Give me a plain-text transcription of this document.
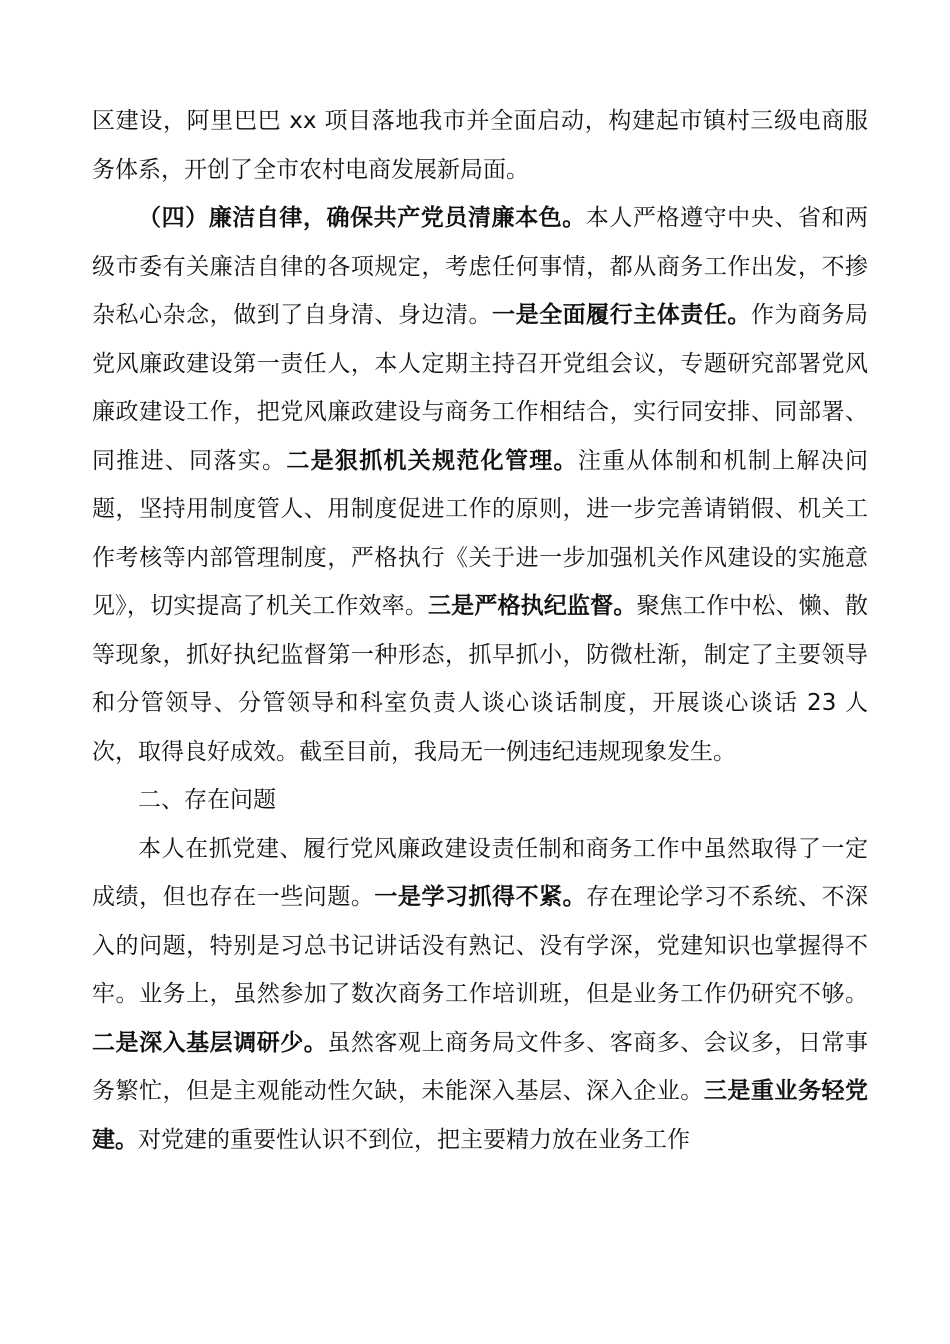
区建设，阿里巴巴 xx 项目落地我市并全面启动，构建起市镇村三级电商服务体系，开创了全市农村电商发展新局面。

（四）廉洁自律，确保共产党员清廉本色。本人严格遵守中央、省和两级市委有关廉洁自律的各项规定，考虑任何事情，都从商务工作出发，不掺杂私心杂念，做到了自身清、身边清。一是全面履行主体责任。作为商务局党风廉政建设第一责任人，本人定期主持召开党组会议，专题研究部署党风廉政建设工作，把党风廉政建设与商务工作相结合，实行同安排、同部署、同推进、同落实。二是狠抓机关规范化管理。注重从体制和机制上解决问题，坚持用制度管人、用制度促进工作的原则，进一步完善请销假、机关工作考核等内部管理制度，严格执行《关于进一步加强机关作风建设的实施意见》，切实提高了机关工作效率。三是严格执纪监督。聚焦工作中松、懒、散等现象，抓好执纪监督第一种形态，抓早抓小，防微杜渐，制定了主要领导和分管领导、分管领导和科室负责人谈心谈话制度，开展谈心谈话 23 人次，取得良好成效。截至目前，我局无一例违纪违规现象发生。

二、存在问题

本人在抓党建、履行党风廉政建设责任制和商务工作中虽然取得了一定成绩，但也存在一些问题。一是学习抓得不紧。存在理论学习不系统、不深入的问题，特别是习总书记讲话没有熟记、没有学深，党建知识也掌握得不牢。业务上，虽然参加了数次商务工作培训班，但是业务工作仍研究不够。二是深入基层调研少。虽然客观上商务局文件多、客商多、会议多，日常事务繁忙，但是主观能动性欠缺，未能深入基层、深入企业。三是重业务轻党建。对党建的重要性认识不到位，把主要精力放在业务工作
